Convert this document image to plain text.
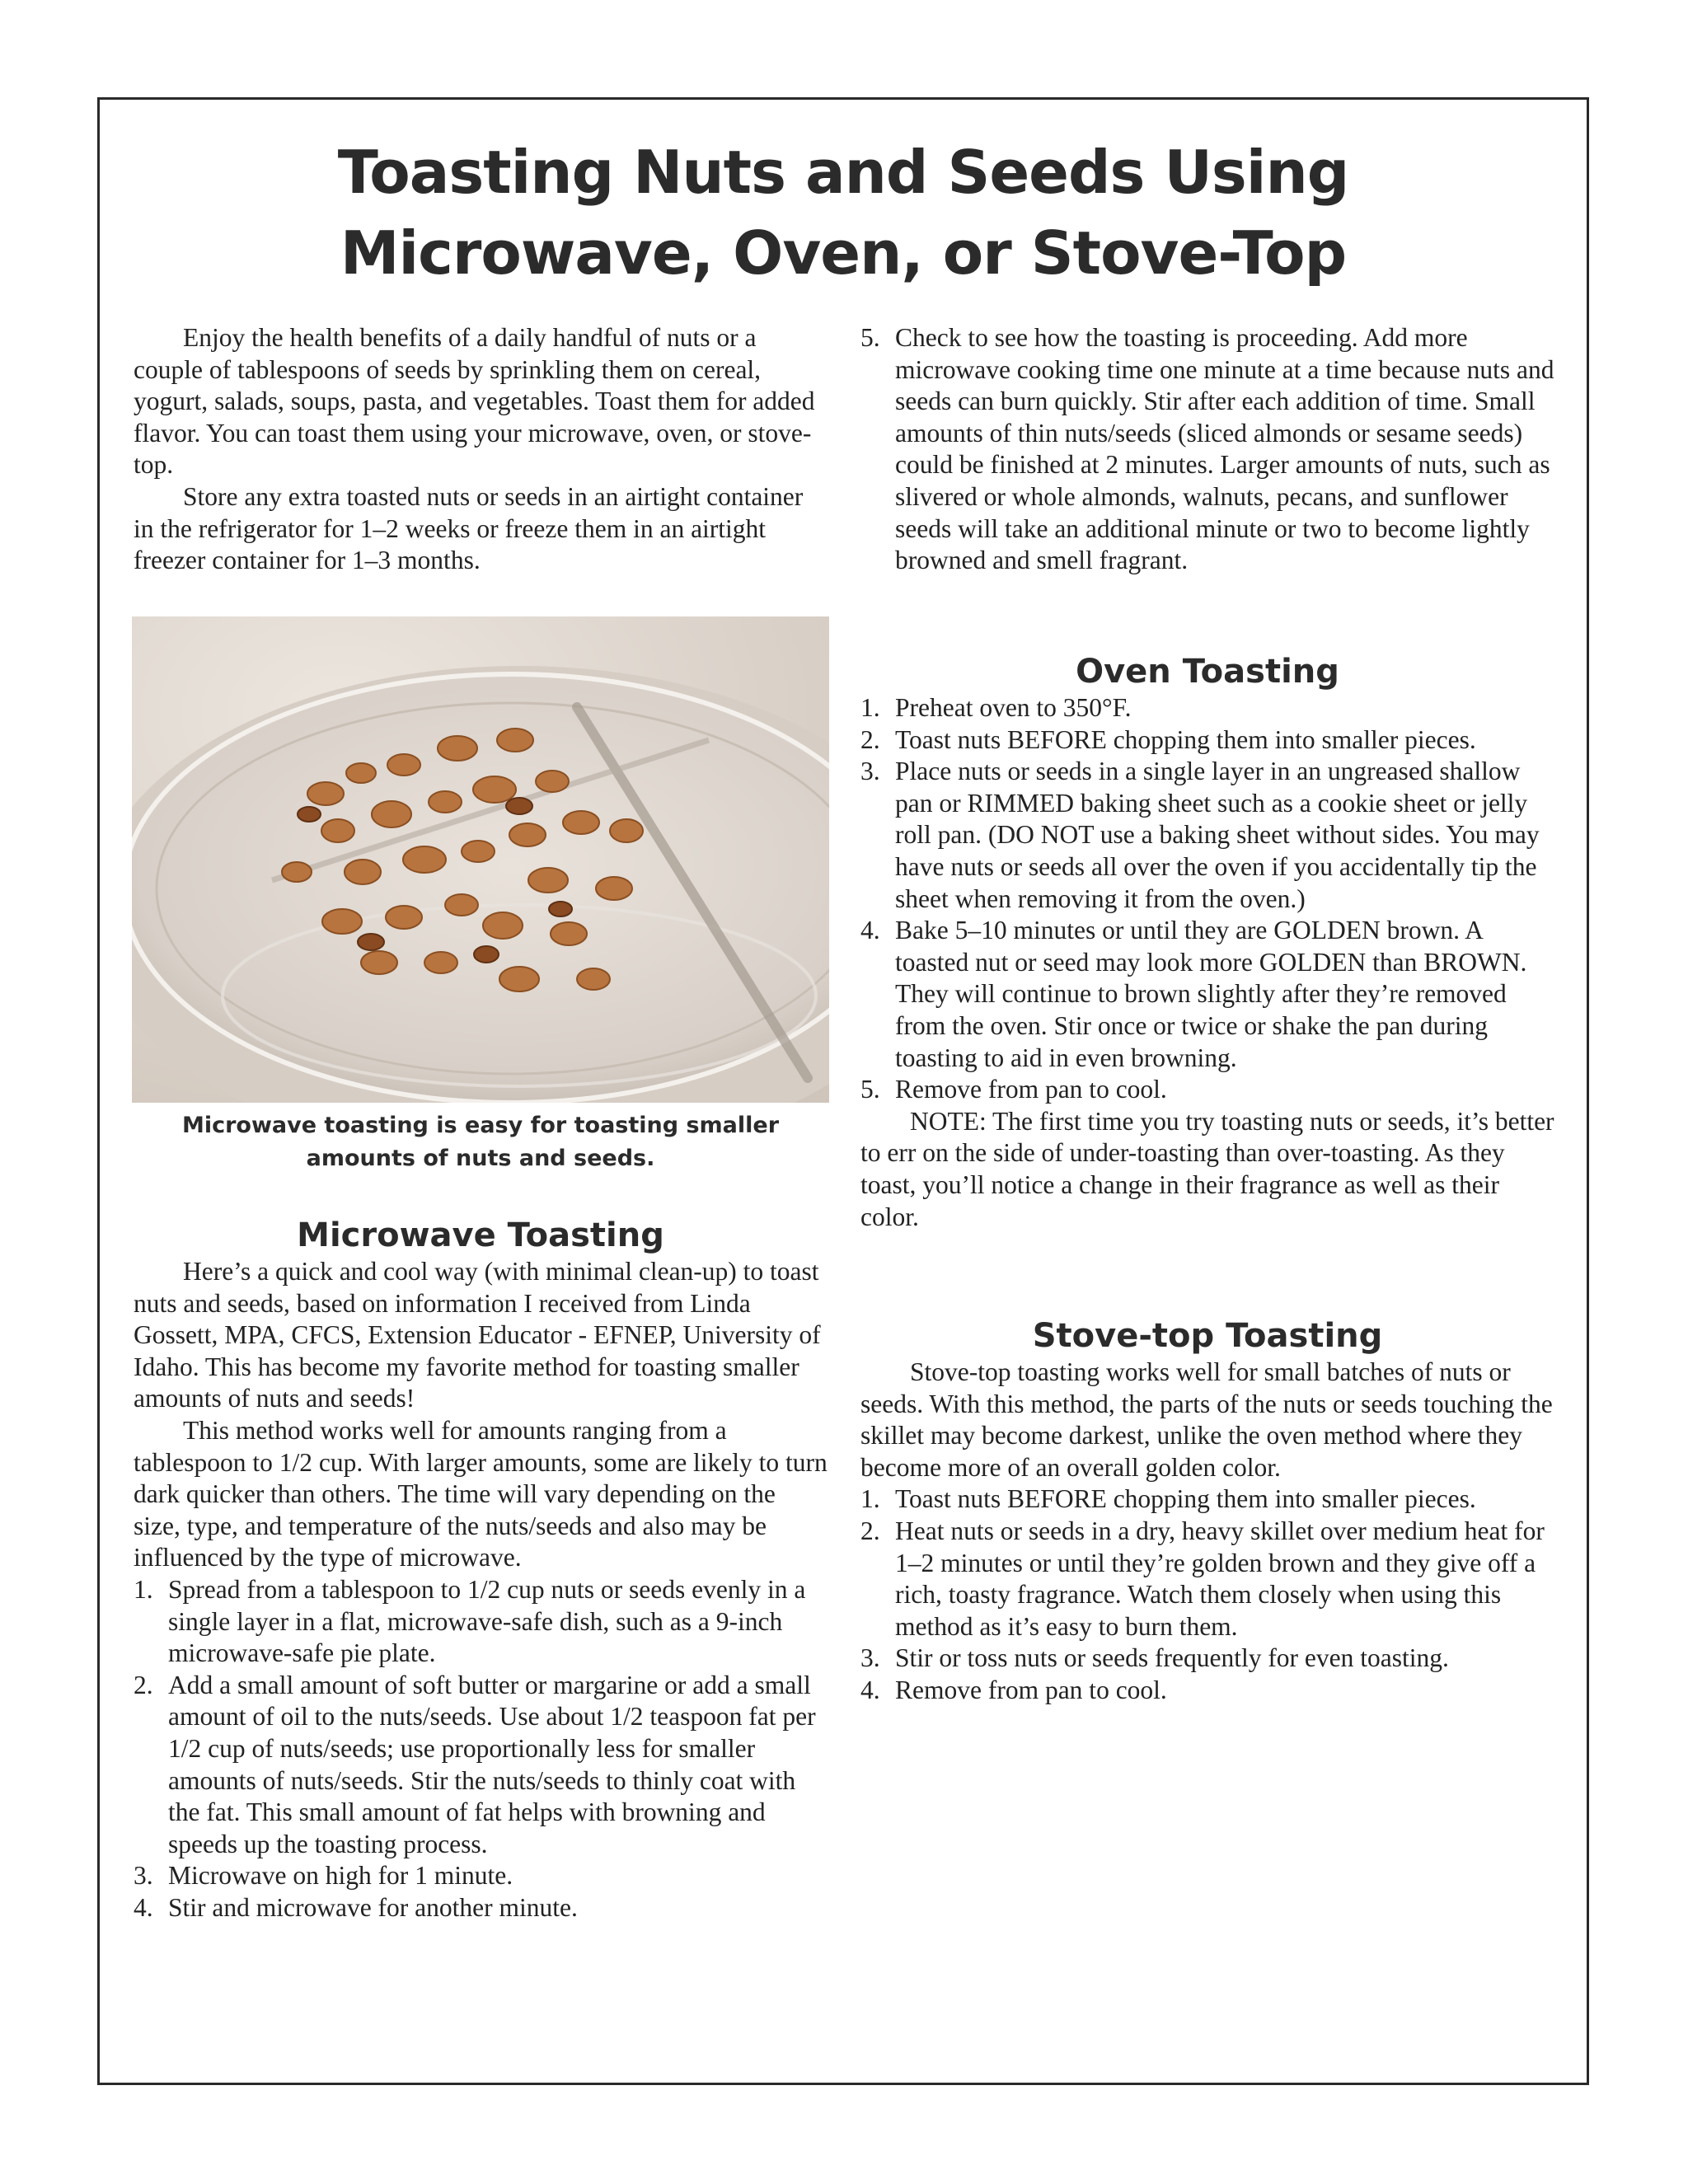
Toasting Nuts and Seeds Using
Microwave, Oven, or Stove-Top

Enjoy the health benefits of a daily handful of nuts or a couple of tablespoons of seeds by sprinkling them on cereal, yogurt, salads, soups, pasta, and vegetables. Toast them for added flavor. You can toast them using your microwave, oven, or stove-top.

Store any extra toasted nuts or seeds in an airtight container in the refrigerator for 1–2 weeks or freeze them in an airtight freezer container for 1–3 months.

Microwave toasting is easy for toasting smaller amounts of nuts and seeds.

Microwave Toasting

Here’s a quick and cool way (with minimal clean-up) to toast nuts and seeds, based on information I received from Linda Gossett, MPA, CFCS, Extension Educator - EFNEP, University of Idaho. This has become my favorite method for toasting smaller amounts of nuts and seeds!

This method works well for amounts ranging from a tablespoon to 1/2 cup. With larger amounts, some are likely to turn dark quicker than others. The time will vary depending on the size, type, and temperature of the nuts/seeds and also may be influenced by the type of microwave.

1. Spread from a tablespoon to 1/2 cup nuts or seeds evenly in a single layer in a flat, microwave-safe dish, such as a 9-inch microwave-safe pie plate.
2. Add a small amount of soft butter or margarine or add a small amount of oil to the nuts/seeds. Use about 1/2 teaspoon fat per 1/2 cup of nuts/seeds; use proportionally less for smaller amounts of nuts/seeds. Stir the nuts/seeds to thinly coat with the fat. This small amount of fat helps with browning and speeds up the toasting process.
3. Microwave on high for 1 minute.
4. Stir and microwave for another minute.
5. Check to see how the toasting is proceeding. Add more microwave cooking time one minute at a time because nuts and seeds can burn quickly. Stir after each addition of time. Small amounts of thin nuts/seeds (sliced almonds or sesame seeds) could be finished at 2 minutes. Larger amounts of nuts, such as slivered or whole almonds, walnuts, pecans, and sunflower seeds will take an additional minute or two to become lightly browned and smell fragrant.
Oven Toasting
1. Preheat oven to 350°F.
2. Toast nuts BEFORE chopping them into smaller pieces.
3. Place nuts or seeds in a single layer in an ungreased shallow pan or RIMMED baking sheet such as a cookie sheet or jelly roll pan. (DO NOT use a baking sheet without sides. You may have nuts or seeds all over the oven if you accidentally tip the sheet when removing it from the oven.)
4. Bake 5–10 minutes or until they are GOLDEN brown. A toasted nut or seed may look more GOLDEN than BROWN. They will continue to brown slightly after they’re removed from the oven. Stir once or twice or shake the pan during toasting to aid in even browning.
5. Remove from pan to cool.

NOTE: The first time you try toasting nuts or seeds, it’s better to err on the side of under-toasting than over-toasting. As they toast, you’ll notice a change in their fragrance as well as their color.

Stove-top Toasting

Stove-top toasting works well for small batches of nuts or seeds. With this method, the parts of the nuts or seeds touching the skillet may become darkest, unlike the oven method where they become more of an overall golden color.

1. Toast nuts BEFORE chopping them into smaller pieces.
2. Heat nuts or seeds in a dry, heavy skillet over medium heat for 1–2 minutes or until they’re golden brown and they give off a rich, toasty fragrance. Watch them closely when using this method as it’s easy to burn them.
3. Stir or toss nuts or seeds frequently for even toasting.
4. Remove from pan to cool.
